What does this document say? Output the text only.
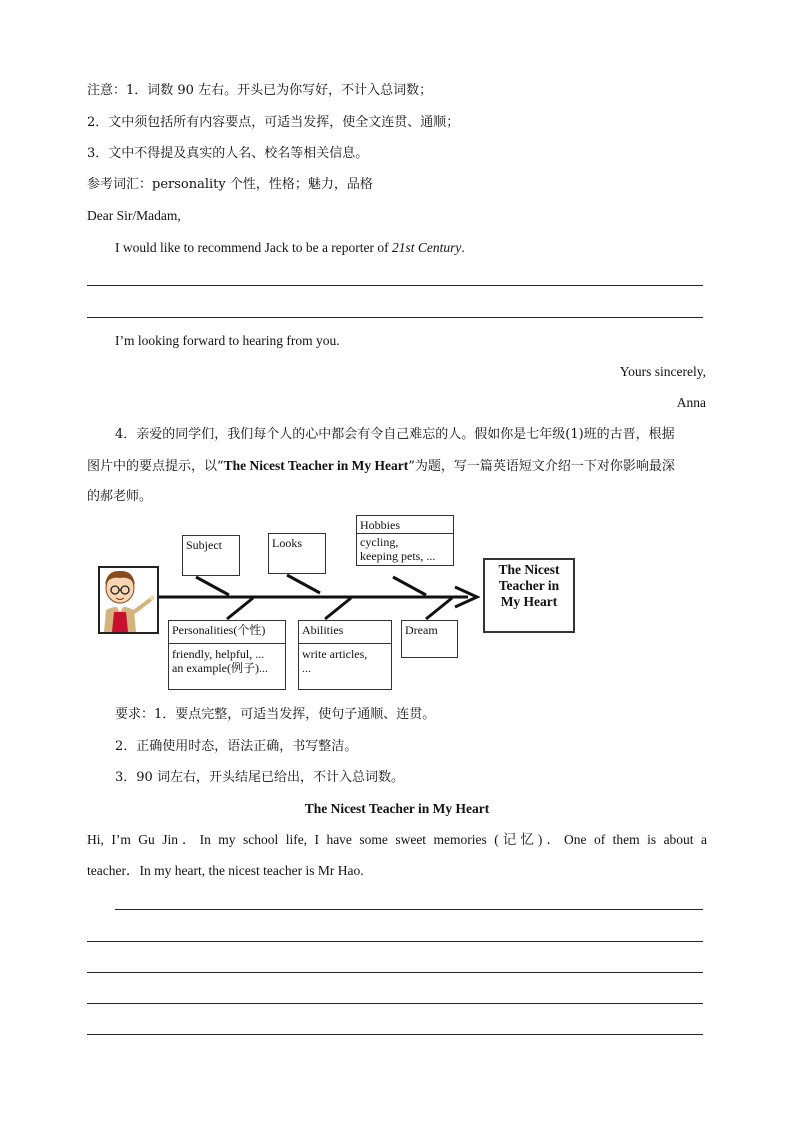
注意：1．词数 90 左右。开头已为你写好，不计入总词数；
2．文中须包括所有内容要点，可适当发挥，使全文连贯、通顺；
3．文中不得提及真实的人名、校名等相关信息。
参考词汇：personality 个性，性格；魅力，品格
Dear Sir/Madam,
I would like to recommend Jack to be a reporter of 21st Century.
I’m looking forward to hearing from you.
Yours sincerely,
Anna
4．亲爱的同学们，我们每个人的心中都会有令自己难忘的人。假如你是七年级(1)班的古晋，根据
图片中的要点提示，以“The Nicest Teacher in My Heart”为题，写一篇英语短文介绍一下对你影响最深
的郝老师。
Subject	Looks
Hobbies
cycling,
keeping pets, ...
The Nicest
Teacher in
My Heart
Personalities(个性)
friendly, helpful, ...
an example(例子)...
Abilities
write articles,
...
Dream
要求：1．要点完整，可适当发挥，使句子通顺、连贯。
2．正确使用时态，语法正确，书写整洁。
3．90 词左右，开头结尾已给出，不计入总词数。
The Nicest Teacher in My Heart
Hi, I’m Gu Jin．In my school life, I have some sweet memories (记忆)．One of them is about a
teacher．In my heart, the nicest teacher is Mr Hao.
